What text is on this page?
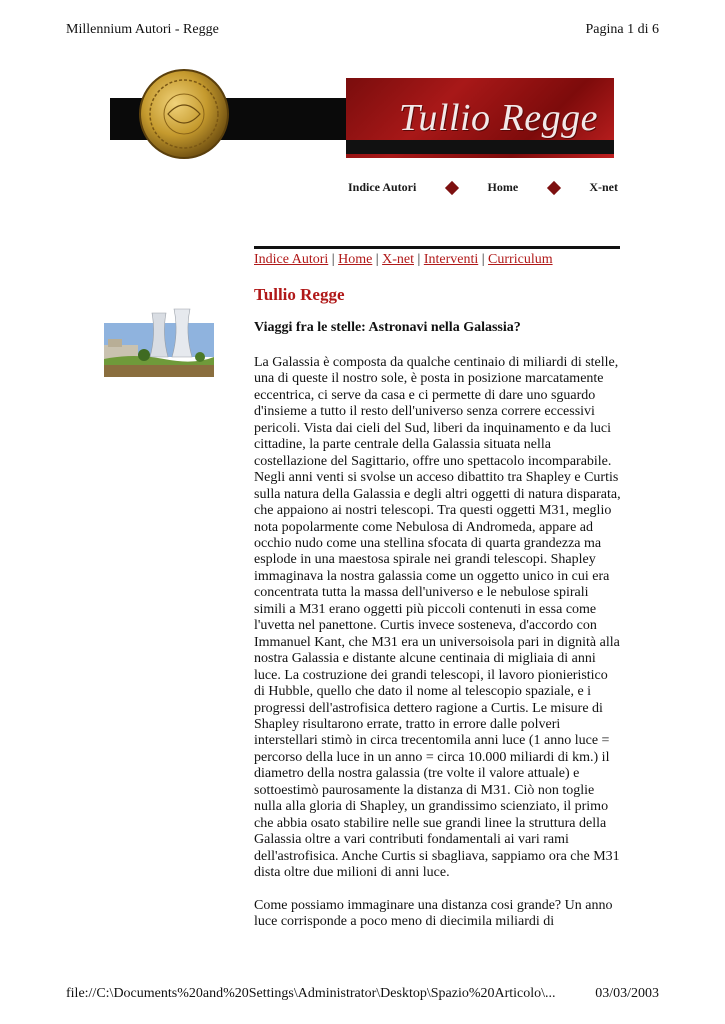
Millennium Autori - Regge	Pagina 1 di 6
Tullio Regge
Indice Autori	Home	X-net
Indice Autori | Home | X-net | Interventi | Curriculum
Tullio Regge
Viaggi fra le stelle: Astronavi nella Galassia?

La Galassia è composta da qualche centinaio di miliardi di stelle, una di queste il nostro sole, è posta in posizione marcatamente eccentrica, ci serve da casa e ci permette di dare uno sguardo d'insieme a tutto il resto dell'universo senza correre eccessivi pericoli. Vista dai cieli del Sud, liberi da inquinamento e da luci cittadine, la parte centrale della Galassia situata nella costellazione del Sagittario, offre uno spettacolo incomparabile. Negli anni venti si svolse un acceso dibattito tra Shapley e Curtis sulla natura della Galassia e degli altri oggetti di natura disparata, che appaiono ai nostri telescopi. Tra questi oggetti M31, meglio nota popolarmente come Nebulosa di Andromeda, appare ad occhio nudo come una stellina sfocata di quarta grandezza ma esplode in una maestosa spirale nei grandi telescopi. Shapley immaginava la nostra galassia come un oggetto unico in cui era concentrata tutta la massa dell'universo e le nebulose spirali simili a M31 erano oggetti più piccoli contenuti in essa come l'uvetta nel panettone. Curtis invece sosteneva, d'accordo con Immanuel Kant, che M31 era un universoisola pari in dignità alla nostra Galassia e distante alcune centinaia di migliaia di anni luce. La costruzione dei grandi telescopi, il lavoro pionieristico di Hubble, quello che dato il nome al telescopio spaziale, e i progressi dell'astrofisica dettero ragione a Curtis. Le misure di Shapley risultarono errate, tratto in errore dalle polveri interstellari stimò in circa trecentomila anni luce (1 anno luce = percorso della luce in un anno = circa 10.000 miliardi di km.) il diametro della nostra galassia (tre volte il valore attuale) e sottoestimò paurosamente la distanza di M31. Ciò non toglie nulla alla gloria di Shapley, un grandissimo scienziato, il primo che abbia osato stabilire nelle sue grandi linee la struttura della Galassia oltre a vari contributi fondamentali ai vari rami dell'astrofisica. Anche Curtis si sbagliava, sappiamo ora che M31 dista oltre due milioni di anni luce.

Come possiamo immaginare una distanza cosi grande? Un anno luce corrisponde a poco meno di diecimila miliardi di

file://C:\Documents%20and%20Settings\Administrator\Desktop\Spazio%20Articolo\...	03/03/2003
